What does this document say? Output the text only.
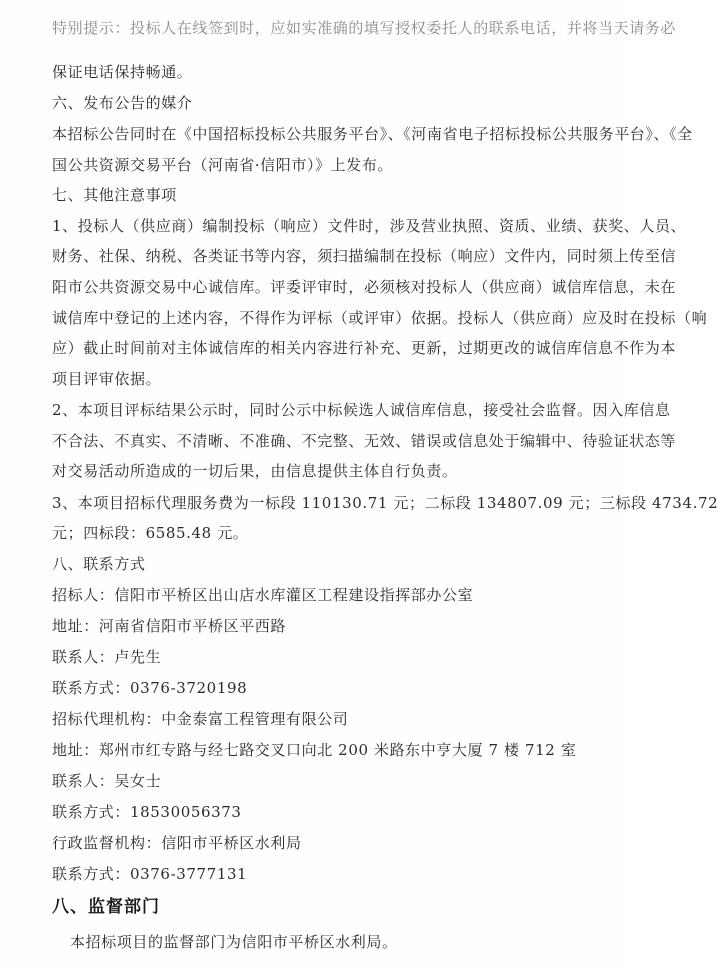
特别提示：投标人在线签到时，应如实准确的填写授权委托人的联系电话，并将当天请务必
保证电话保持畅通。
六、发布公告的媒介
本招标公告同时在《中国招标投标公共服务平台》、《河南省电子招标投标公共服务平台》、《全
国公共资源交易平台（河南省·信阳市）》上发布。
七、其他注意事项
1、投标人（供应商）编制投标（响应）文件时，涉及营业执照、资质、业绩、获奖、人员、
财务、社保、纳税、各类证书等内容，须扫描编制在投标（响应）文件内，同时须上传至信
阳市公共资源交易中心诚信库。评委评审时，必须核对投标人（供应商）诚信库信息，未在
诚信库中登记的上述内容，不得作为评标（或评审）依据。投标人（供应商）应及时在投标（响
应）截止时间前对主体诚信库的相关内容进行补充、更新，过期更改的诚信库信息不作为本
项目评审依据。
2、本项目评标结果公示时，同时公示中标候选人诚信库信息，接受社会监督。因入库信息
不合法、不真实、不清晰、不准确、不完整、无效、错误或信息处于编辑中、待验证状态等
对交易活动所造成的一切后果，由信息提供主体自行负责。
3、本项目招标代理服务费为一标段 110130.71 元；二标段 134807.09 元；三标段 4734.72
元；四标段：6585.48 元。
八、联系方式
招标人：信阳市平桥区出山店水库灌区工程建设指挥部办公室
地址：河南省信阳市平桥区平西路
联系人：卢先生
联系方式：0376-3720198
招标代理机构：中金泰富工程管理有限公司
地址：郑州市红专路与经七路交叉口向北 200 米路东中亨大厦 7 楼 712 室
联系人：吴女士
联系方式：18530056373
行政监督机构：信阳市平桥区水利局
联系方式：0376-3777131
八、监督部门
本招标项目的监督部门为信阳市平桥区水利局。
